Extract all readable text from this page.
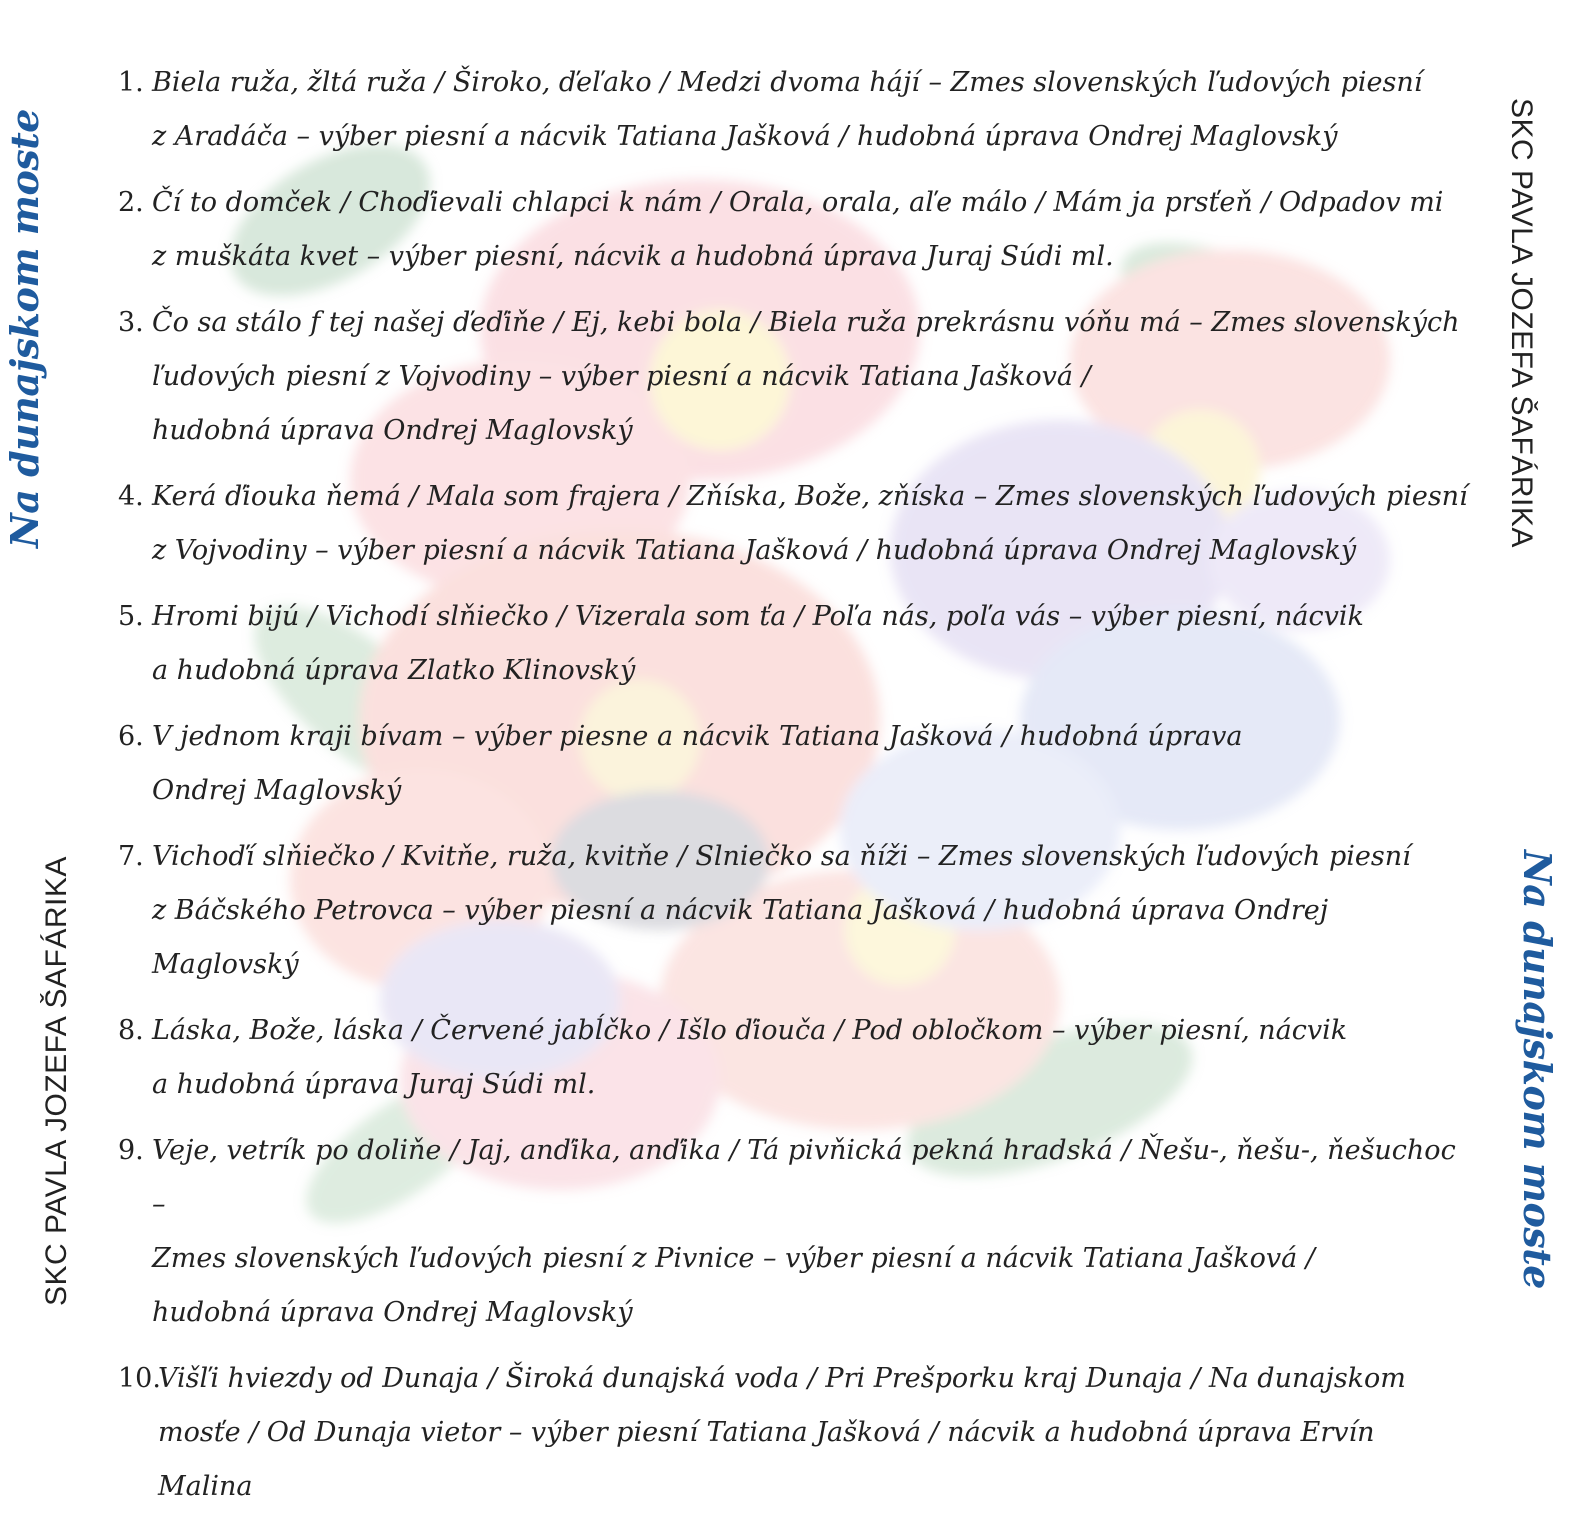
Na dunajskom moste
Na dunajskom moste
SKC PAVLA JOZEFA ŠAFÁRIKA
SKC PAVLA JOZEFA ŠAFÁRIKA
1. Biela ruža, žltá ruža / Široko, ďeľako / Medzi dvoma hájí – Zmes slovenských ľudových piesní
z Aradáča – výber piesní a nácvik Tatiana Jašková / hudobná úprava Ondrej Maglovský
2. Čí to domček / Choďievali chlapci k nám / Orala, orala, aľe málo / Mám ja prsťeň / Odpadov mi
z muškáta kvet – výber piesní, nácvik a hudobná úprava Juraj Súdi ml.
3. Čo sa stálo f tej našej ďeďiňe / Ej, kebi bola / Biela ruža prekrásnu vóňu má – Zmes slovenských
ľudových piesní z Vojvodiny – výber piesní a nácvik Tatiana Jašková /
hudobná úprava Ondrej Maglovský
4. Kerá ďiouka ňemá / Mala som frajera / Zňíska, Bože, zňíska – Zmes slovenských ľudových piesní
z Vojvodiny – výber piesní a nácvik Tatiana Jašková / hudobná úprava Ondrej Maglovský
5. Hromi bijú / Vichodí slňiečko / Vizerala som ťa / Poľa nás, poľa vás – výber piesní, nácvik
a hudobná úprava Zlatko Klinovský
6. V jednom kraji bívam – výber piesne a nácvik Tatiana Jašková / hudobná úprava
Ondrej Maglovský
7. Vichoďí slňiečko / Kvitňe, ruža, kvitňe / Slniečko sa ňíži – Zmes slovenských ľudových piesní
z Báčského Petrovca – výber piesní a nácvik Tatiana Jašková / hudobná úprava Ondrej Maglovský
8. Láska, Bože, láska / Červené jabĺčko / Išlo ďiouča / Pod obločkom – výber piesní, nácvik
a hudobná úprava Juraj Súdi ml.
9. Veje, vetrík po doliňe / Jaj, anďika, anďika / Tá pivňická pekná hradská / Ňešu-, ňešu-, ňešuchoc –
Zmes slovenských ľudových piesní z Pivnice – výber piesní a nácvik Tatiana Jašková /
hudobná úprava Ondrej Maglovský
10.
Višľi hviezdy od Dunaja / Široká dunajská voda / Pri Prešporku kraj Dunaja / Na dunajskom
mosťe / Od Dunaja vietor – výber piesní Tatiana Jašková / nácvik a hudobná úprava Ervín Malina
